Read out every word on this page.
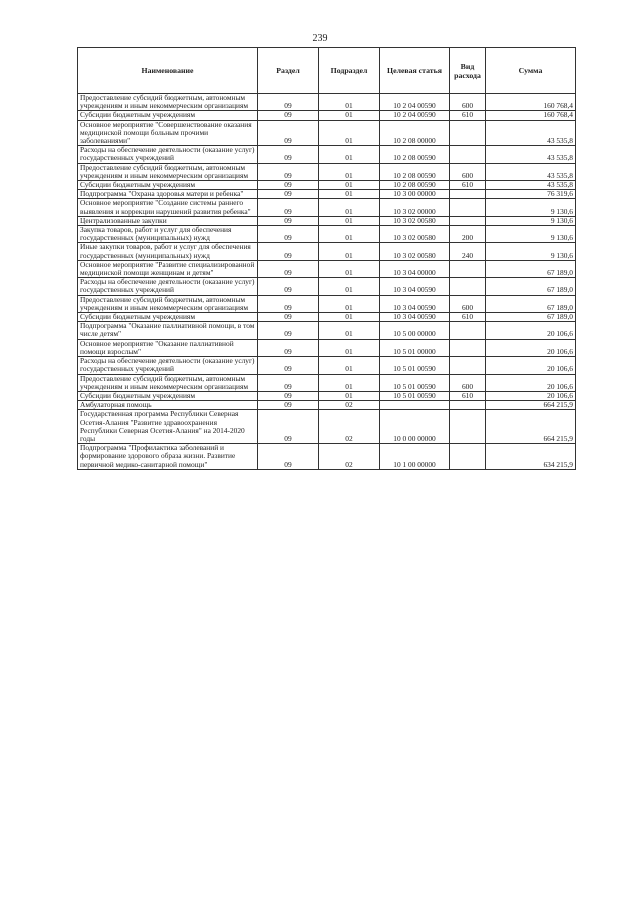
239
Наименование	Раздел	Подраздел	Целевая статья	Вид расхода	Сумма
Предоставление субсидий бюджетным, автономным учреждениям и иным некоммерческим организациям	09	01	10 2 04 00590	600	160 768,4
Субсидии бюджетным учреждениям	09	01	10 2 04 00590	610	160 768,4
Основное мероприятие "Совершенствование оказания медицинской помощи больным прочими заболеваниями"	09	01	10 2 08 00000		43 535,8
Расходы на обеспечение деятельности (оказание услуг) государственных учреждений	09	01	10 2 08 00590		43 535,8
Предоставление субсидий бюджетным, автономным учреждениям и иным некоммерческим организациям	09	01	10 2 08 00590	600	43 535,8
Субсидии бюджетным учреждениям	09	01	10 2 08 00590	610	43 535,8
Подпрограмма "Охрана здоровья матери и ребенка"	09	01	10 3 00 00000		76 319,6
Основное мероприятие "Создание системы раннего выявления и коррекции нарушений развития ребенка"	09	01	10 3 02 00000		9 130,6
Централизованные закупки	09	01	10 3 02 00580		9 130,6
Закупка товаров, работ и услуг для обеспечения государственных (муниципальных) нужд	09	01	10 3 02 00580	200	9 130,6
Иные закупки товаров, работ и услуг для обеспечения государственных (муниципальных) нужд	09	01	10 3 02 00580	240	9 130,6
Основное мероприятие "Развитие специализированной медицинской помощи женщинам и детям"	09	01	10 3 04 00000		67 189,0
Расходы на обеспечение деятельности (оказание услуг) государственных учреждений	09	01	10 3 04 00590		67 189,0
Предоставление субсидий бюджетным, автономным учреждениям и иным некоммерческим организациям	09	01	10 3 04 00590	600	67 189,0
Субсидии бюджетным учреждениям	09	01	10 3 04 00590	610	67 189,0
Подпрограмма "Оказание паллиативной помощи, в том числе детям"	09	01	10 5 00 00000		20 106,6
Основное мероприятие "Оказание паллиативной помощи взрослым"	09	01	10 5 01 00000		20 106,6
Расходы на обеспечение деятельности (оказание услуг) государственных учреждений	09	01	10 5 01 00590		20 106,6
Предоставление субсидий бюджетным, автономным учреждениям и иным некоммерческим организациям	09	01	10 5 01 00590	600	20 106,6
Субсидии бюджетным учреждениям	09	01	10 5 01 00590	610	20 106,6
Амбулаторная помощь	09	02			664 215,9
Государственная программа Республики Северная Осетия-Алания "Развитие здравоохранения Республики Северная Осетия-Алания" на 2014-2020 годы	09	02	10 0 00 00000		664 215,9
Подпрограмма "Профилактика заболеваний и формирование здорового образа жизни. Развитие первичной медико-санитарной помощи"	09	02	10 1 00 00000		634 215,9
